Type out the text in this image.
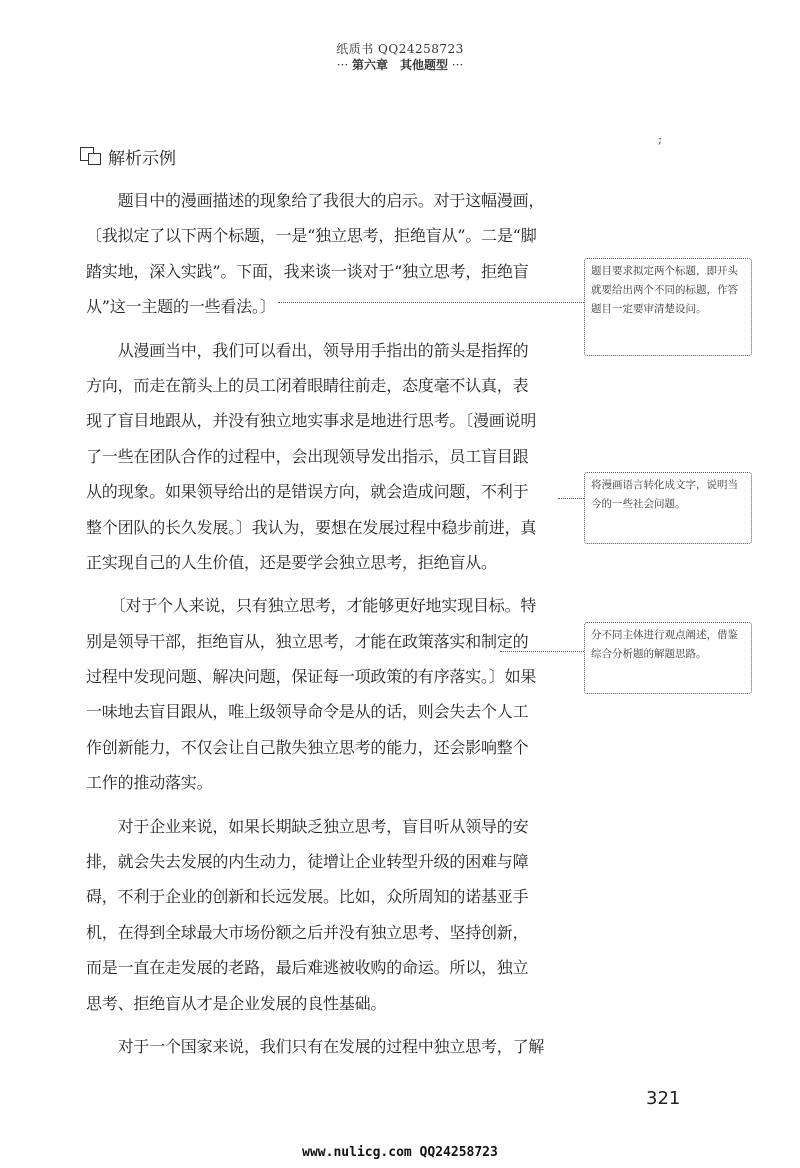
纸质书 QQ24258723
··· 第六章　其他题型 ···
;
解析示例
　　题目中的漫画描述的现象给了我很大的启示。对于这幅漫画，
〔我拟定了以下两个标题，一是“独立思考，拒绝盲从”。二是“脚
踏实地，深入实践”。下面，我来谈一谈对于“独立思考，拒绝盲
从”这一主题的一些看法。〕
　　从漫画当中，我们可以看出，领导用手指出的箭头是指挥的
方向，而走在箭头上的员工闭着眼睛往前走，态度毫不认真，表
现了盲目地跟从，并没有独立地实事求是地进行思考。〔漫画说明
了一些在团队合作的过程中，会出现领导发出指示，员工盲目跟
从的现象。如果领导给出的是错误方向，就会造成问题，不利于
整个团队的长久发展。〕我认为，要想在发展过程中稳步前进，真
正实现自己的人生价值，还是要学会独立思考，拒绝盲从。
　　〔对于个人来说，只有独立思考，才能够更好地实现目标。特
别是领导干部，拒绝盲从，独立思考，才能在政策落实和制定的
过程中发现问题、解决问题，保证每一项政策的有序落实。〕如果
一味地去盲目跟从，唯上级领导命令是从的话，则会失去个人工
作创新能力，不仅会让自己散失独立思考的能力，还会影响整个
工作的推动落实。
　　对于企业来说，如果长期缺乏独立思考，盲目听从领导的安
排，就会失去发展的内生动力，徒增让企业转型升级的困难与障
碍，不利于企业的创新和长远发展。比如，众所周知的诺基亚手
机，在得到全球最大市场份额之后并没有独立思考、坚持创新，
而是一直在走发展的老路，最后难逃被收购的命运。所以，独立
思考、拒绝盲从才是企业发展的良性基础。
　　对于一个国家来说，我们只有在发展的过程中独立思考，了解
题目要求拟定两个标题，即开头就要给出两个不同的标题，作答题目一定要审清楚设问。
将漫画语言转化成文字，说明当今的一些社会问题。
分不同主体进行观点阐述，借鉴综合分析题的解题思路。
321
www.nulicg.com QQ24258723
